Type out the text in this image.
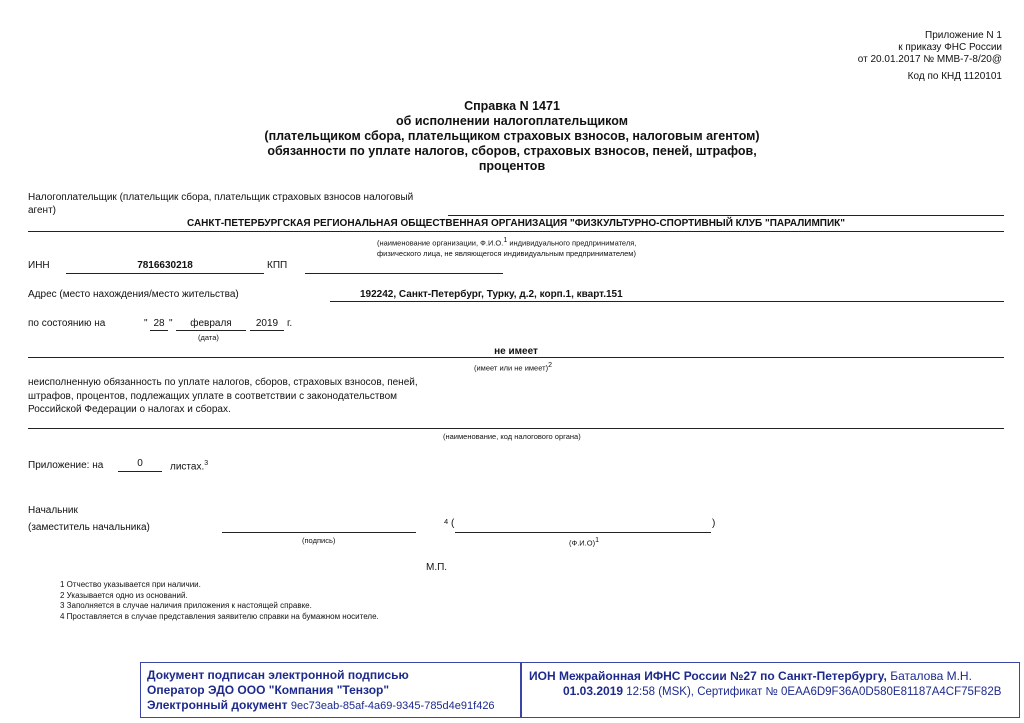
Приложение N 1
к приказу ФНС России
от 20.01.2017 № ММВ-7-8/20@
Код по КНД 1120101
Справка N 1471
об исполнении налогоплательщиком
(плательщиком сбора, плательщиком страховых взносов, налоговым агентом)
обязанности по уплате налогов, сборов, страховых взносов, пеней, штрафов,
процентов
Налогоплательщик (плательщик сбора, плательщик страховых взносов налоговый
агент)
САНКТ-ПЕТЕРБУРГСКАЯ РЕГИОНАЛЬНАЯ ОБЩЕСТВЕННАЯ ОРГАНИЗАЦИЯ "ФИЗКУЛЬТУРНО-СПОРТИВНЫЙ КЛУБ "ПАРАЛИМПИК"
(наименование организации, Ф.И.О.$^1$ индивидуального предпринимателя,
физического лица, не являющегося индивидуальным предпринимателем)
ИНН	7816630218	КПП
Адрес (место нахождения/место жительства)	192242, Санкт-Петербург, Турку, д.2, корп.1, кварт.151
по состоянию на	" 28 "	февраля	2019 г.
(дата)
не имеет
(имеет или не имеет)$^2$
неисполненную обязанность по уплате налогов, сборов, страховых взносов, пеней,
штрафов, процентов, подлежащих уплате в соответствии с законодательством
Российской Федерации о налогах и сборах.
(наименование, код налогового органа)
Приложение: на	0	листах.$^3$
Начальник
(заместитель начальника)
(подпись)
4 (	)
$(Ф.И.О)^1$
М.П.
1 Отчество указывается при наличии.
2 Указывается одно из оснований.
3 Заполняется в случае наличия приложения к настоящей справке.
4 Проставляется в случае представления заявителю справки на бумажном носителе.
Документ подписан электронной подписью
Оператор ЭДО ООО "Компания "Тензор"
Электронный документ 9ec73eab-85af-4a69-9345-785d4e91f426
ИОН Межрайонная ИФНС России №27 по Санкт-Петербургу, Баталова М.Н.
01.03.2019 12:58 (MSK), Сертификат № 0EAA6D9F36A0D580E81187A4CF75F82B
